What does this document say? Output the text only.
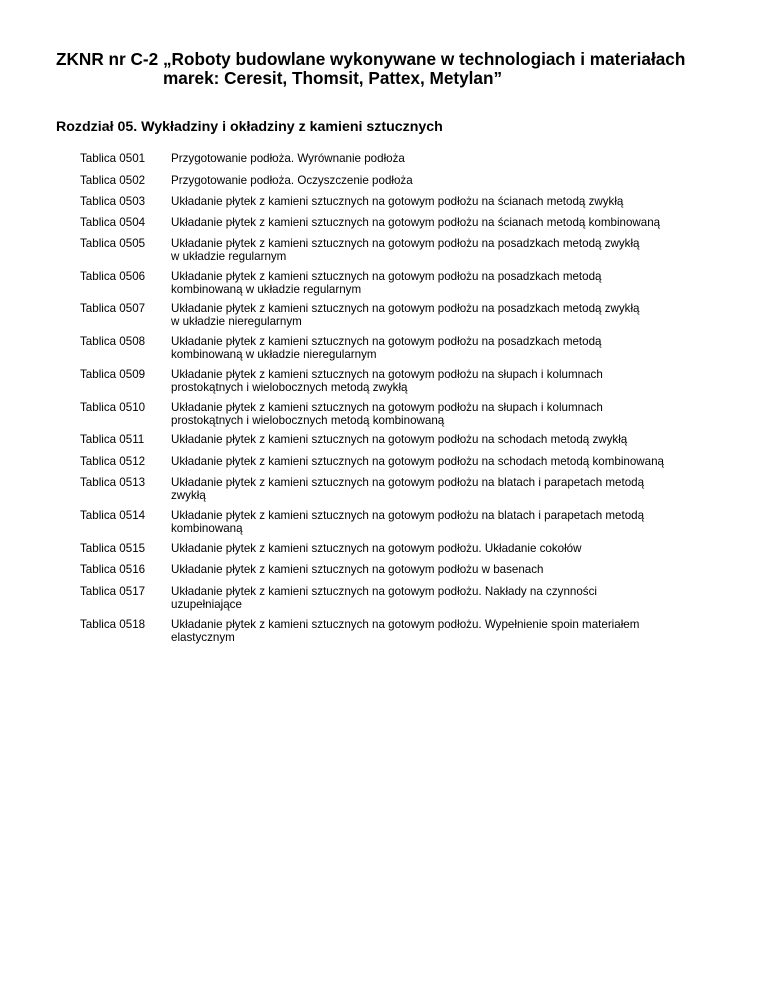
ZKNR nr C-2 „Roboty budowlane wykonywane w technologiach i materiałach
marek: Ceresit, Thomsit, Pattex, Metylan”
Rozdział 05. Wykładziny i okładziny z kamieni sztucznych
Tablica 0501	Przygotowanie podłoża. Wyrównanie podłoża
Tablica 0502	Przygotowanie podłoża. Oczyszczenie podłoża
Tablica 0503	Układanie płytek z kamieni sztucznych na gotowym podłożu na ścianach metodą zwykłą
Tablica 0504	Układanie płytek z kamieni sztucznych na gotowym podłożu na ścianach metodą kombinowaną
Tablica 0505	Układanie płytek z kamieni sztucznych na gotowym podłożu na posadzkach metodą zwykłą
w układzie regularnym
Tablica 0506	Układanie płytek z kamieni sztucznych na gotowym podłożu na posadzkach metodą
kombinowaną w układzie regularnym
Tablica 0507	Układanie płytek z kamieni sztucznych na gotowym podłożu na posadzkach metodą zwykłą
w układzie nieregularnym
Tablica 0508	Układanie płytek z kamieni sztucznych na gotowym podłożu na posadzkach metodą
kombinowaną w układzie nieregularnym
Tablica 0509	Układanie płytek z kamieni sztucznych na gotowym podłożu na słupach i kolumnach
prostokątnych i wielobocznych metodą zwykłą
Tablica 0510	Układanie płytek z kamieni sztucznych na gotowym podłożu na słupach i kolumnach
prostokątnych i wielobocznych metodą kombinowaną
Tablica 0511	Układanie płytek z kamieni sztucznych na gotowym podłożu na schodach metodą zwykłą
Tablica 0512	Układanie płytek z kamieni sztucznych na gotowym podłożu na schodach metodą kombinowaną
Tablica 0513	Układanie płytek z kamieni sztucznych na gotowym podłożu na blatach i parapetach metodą
zwykłą
Tablica 0514	Układanie płytek z kamieni sztucznych na gotowym podłożu na blatach i parapetach metodą
kombinowaną
Tablica 0515	Układanie płytek z kamieni sztucznych na gotowym podłożu. Układanie cokołów
Tablica 0516	Układanie płytek z kamieni sztucznych na gotowym podłożu w basenach
Tablica 0517	Układanie płytek z kamieni sztucznych na gotowym podłożu. Nakłady na czynności
uzupełniające
Tablica 0518	Układanie płytek z kamieni sztucznych na gotowym podłożu. Wypełnienie spoin materiałem
elastycznym
